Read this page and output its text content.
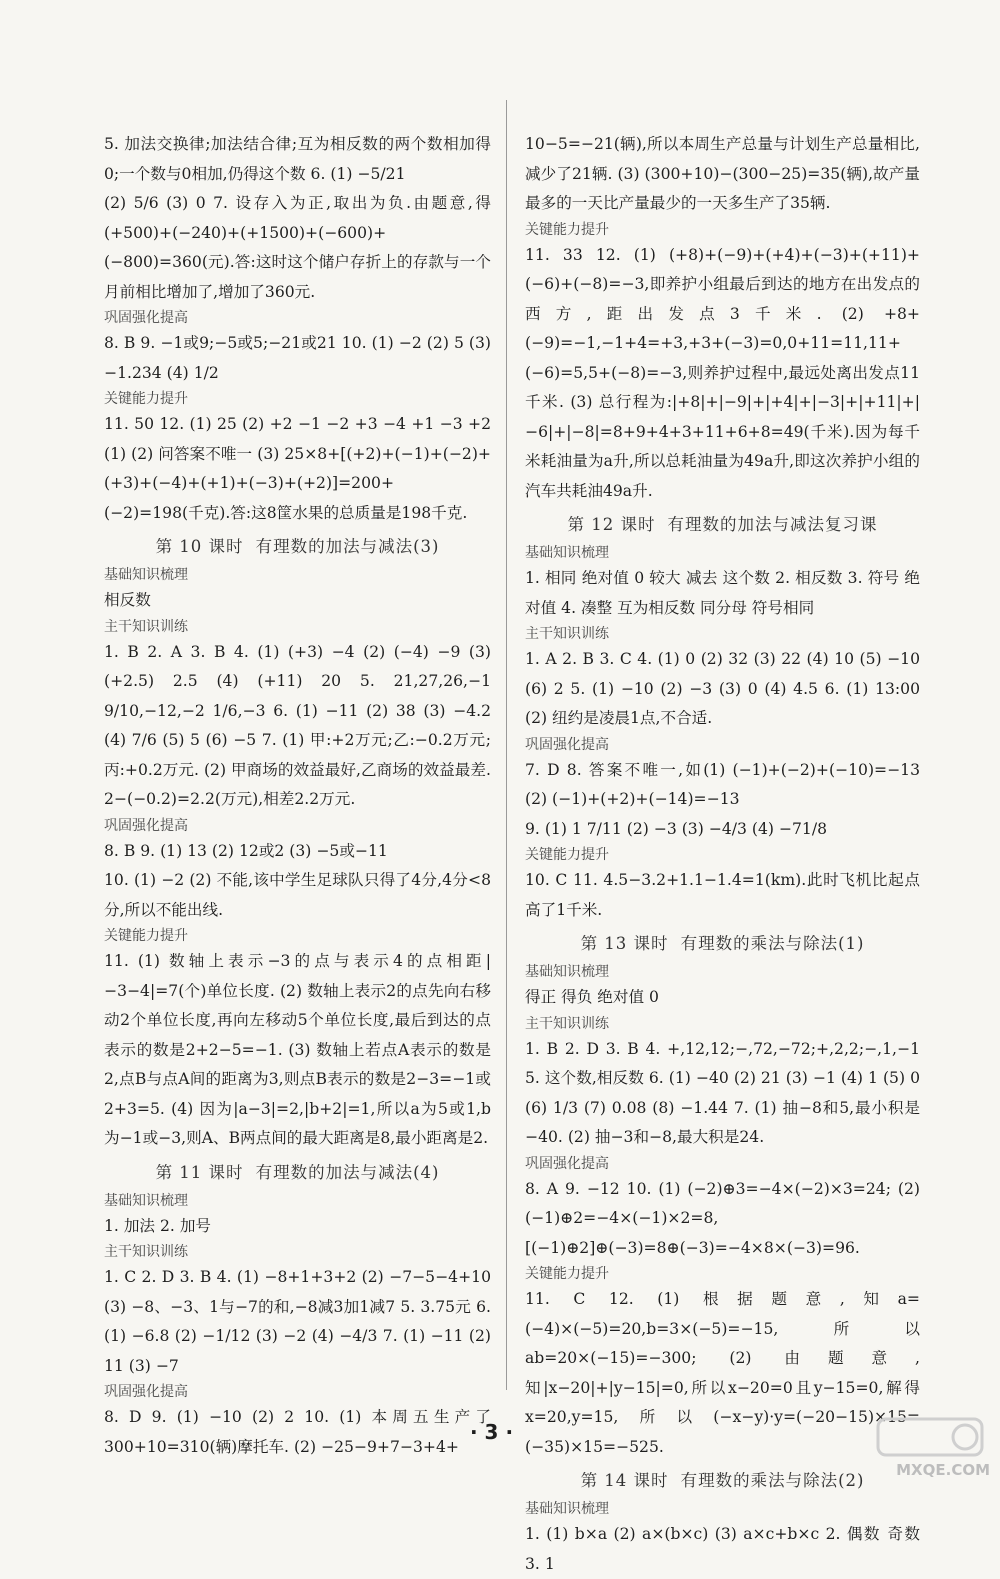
5. 加法交换律;加法结合律;互为相反数的两个数相加得0;一个数与0相加,仍得这个数 6. (1) −5/21
(2) 5/6 (3) 0 7. 设存入为正,取出为负.由题意,得(+500)+(−240)+(+1500)+(−600)+(−800)=360(元).答:这时这个储户存折上的存款与一个月前相比增加了,增加了360元.
巩固强化提高
8. B 9. −1或9;−5或5;−21或21 10. (1) −2 (2) 5 (3) −1.234 (4) 1/2
关键能力提升
11. 50 12. (1) 25 (2) +2 −1 −2 +3 −4 +1 −3 +2 (1) (2) 问答案不唯一 (3) 25×8+[(+2)+(−1)+(−2)+(+3)+(−4)+(+1)+(−3)+(+2)]=200+(−2)=198(千克).答:这8筐水果的总质量是198千克.
第 10 课时 有理数的加法与减法(3)
基础知识梳理
相反数
主干知识训练
1. B 2. A 3. B 4. (1) (+3) −4 (2) (−4) −9 (3) (+2.5) 2.5 (4) (+11) 20 5. 21,27,26,−1 9/10,−12,−2 1/6,−3 6. (1) −11 (2) 38 (3) −4.2 (4) 7/6 (5) 5 (6) −5 7. (1) 甲:+2万元;乙:−0.2万元;丙:+0.2万元. (2) 甲商场的效益最好,乙商场的效益最差. 2−(−0.2)=2.2(万元),相差2.2万元.
巩固强化提高
8. B 9. (1) 13 (2) 12或2 (3) −5或−11
10. (1) −2 (2) 不能,该中学生足球队只得了4分,4分<8分,所以不能出线.
关键能力提升
11. (1) 数轴上表示−3的点与表示4的点相距|−3−4|=7(个)单位长度. (2) 数轴上表示2的点先向右移动2个单位长度,再向左移动5个单位长度,最后到达的点表示的数是2+2−5=−1. (3) 数轴上若点A表示的数是2,点B与点A间的距离为3,则点B表示的数是2−3=−1或2+3=5. (4) 因为|a−3|=2,|b+2|=1,所以a为5或1,b为−1或−3,则A、B两点间的最大距离是8,最小距离是2.
第 11 课时 有理数的加法与减法(4)
基础知识梳理
1. 加法 2. 加号
主干知识训练
1. C 2. D 3. B 4. (1) −8+1+3+2 (2) −7−5−4+10 (3) −8、−3、1与−7的和,−8减3加1减7 5. 3.75元 6. (1) −6.8 (2) −1/12 (3) −2 (4) −4/3 7. (1) −11 (2) 11 (3) −7
巩固强化提高
8. D 9. (1) −10 (2) 2 10. (1) 本周五生产了300+10=310(辆)摩托车. (2) −25−9+7−3+4+
10−5=−21(辆),所以本周生产总量与计划生产总量相比,减少了21辆. (3) (300+10)−(300−25)=35(辆),故产量最多的一天比产量最少的一天多生产了35辆.
关键能力提升
11. 33 12. (1) (+8)+(−9)+(+4)+(−3)+(+11)+(−6)+(−8)=−3,即养护小组最后到达的地方在出发点的西方,距出发点3千米. (2) +8+(−9)=−1,−1+4=+3,+3+(−3)=0,0+11=11,11+(−6)=5,5+(−8)=−3,则养护过程中,最远处离出发点11千米. (3) 总行程为:|+8|+|−9|+|+4|+|−3|+|+11|+|−6|+|−8|=8+9+4+3+11+6+8=49(千米).因为每千米耗油量为a升,所以总耗油量为49a升,即这次养护小组的汽车共耗油49a升.
第 12 课时 有理数的加法与减法复习课
基础知识梳理
1. 相同 绝对值 0 较大 减去 这个数 2. 相反数 3. 符号 绝对值 4. 凑整 互为相反数 同分母 符号相同
主干知识训练
1. A 2. B 3. C 4. (1) 0 (2) 32 (3) 22 (4) 10 (5) −10 (6) 2 5. (1) −10 (2) −3 (3) 0 (4) 4.5 6. (1) 13:00 (2) 纽约是凌晨1点,不合适.
巩固强化提高
7. D 8. 答案不唯一,如(1) (−1)+(−2)+(−10)=−13 (2) (−1)+(+2)+(−14)=−13
9. (1) 1 7/11 (2) −3 (3) −4/3 (4) −71/8
关键能力提升
10. C 11. 4.5−3.2+1.1−1.4=1(km).此时飞机比起点高了1千米.
第 13 课时 有理数的乘法与除法(1)
基础知识梳理
得正 得负 绝对值 0
主干知识训练
1. B 2. D 3. B 4. +,12,12;−,72,−72;+,2,2;−,1,−1 5. 这个数,相反数 6. (1) −40 (2) 21 (3) −1 (4) 1 (5) 0 (6) 1/3 (7) 0.08 (8) −1.44 7. (1) 抽−8和5,最小积是−40. (2) 抽−3和−8,最大积是24.
巩固强化提高
8. A 9. −12 10. (1) (−2)⊕3=−4×(−2)×3=24; (2) (−1)⊕2=−4×(−1)×2=8,[(−1)⊕2]⊕(−3)=8⊕(−3)=−4×8×(−3)=96.
关键能力提升
11. C 12. (1) 根据题意,知a=(−4)×(−5)=20,b=3×(−5)=−15,所以ab=20×(−15)=−300; (2) 由题意,知|x−20|+|y−15|=0,所以x−20=0且y−15=0,解得x=20,y=15,所以(−x−y)·y=(−20−15)×15=(−35)×15=−525.
第 14 课时 有理数的乘法与除法(2)
基础知识梳理
1. (1) b×a (2) a×(b×c) (3) a×c+b×c 2. 偶数 奇数 3. 1
· 3 ·
MXQE.COM
